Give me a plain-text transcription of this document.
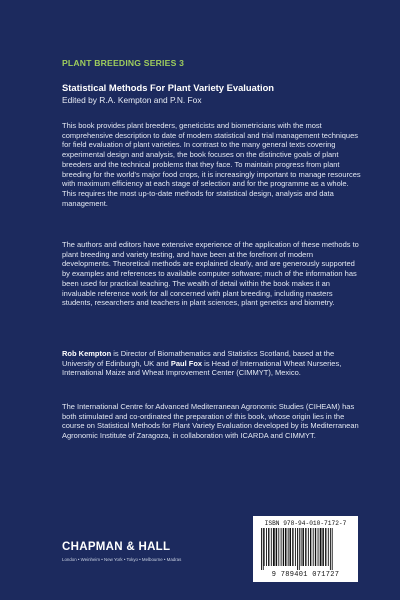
PLANT BREEDING SERIES 3
Statistical Methods For Plant Variety Evaluation
Edited by R.A. Kempton and P.N. Fox

This book provides plant breeders, geneticists and biometricians with the most comprehensive description to date of modern statistical and trial management techniques for field evaluation of plant varieties. In contrast to the many general texts covering experimental design and analysis, the book focuses on the distinctive goals of plant breeders and the technical problems that they face. To maintain progress from plant breeding for the world's major food crops, it is increasingly important to manage resources with maximum efficiency at each stage of selection and for the programme as a whole. This requires the most up-to-date methods for statistical design, analysis and data management.

The authors and editors have extensive experience of the application of these methods to plant breeding and variety testing, and have been at the forefront of modern developments. Theoretical methods are explained clearly, and are generously supported by examples and references to available computer software; much of the information has been used for practical teaching. The wealth of detail within the book makes it an invaluable reference work for all concerned with plant breeding, including masters students, researchers and teachers in plant sciences, plant genetics and biometry.

Rob Kempton is Director of Biomathematics and Statistics Scotland, based at the University of Edinburgh, UK and Paul Fox is Head of International Wheat Nurseries, International Maize and Wheat Improvement Center (CIMMYT), Mexico.

The International Centre for Advanced Mediterranean Agronomic Studies (CIHEAM) has both stimulated and co-ordinated the preparation of this book, whose origin lies in the course on Statistical Methods for Plant Variety Evaluation developed by its Mediterranean Agronomic Institute of Zaragoza, in collaboration with ICARDA and CIMMYT.

ISBN 978-94-010-7172-7
9 789401 071727
CHAPMAN & HALL
London • Weinheim • New York • Tokyo • Melbourne • Madras
